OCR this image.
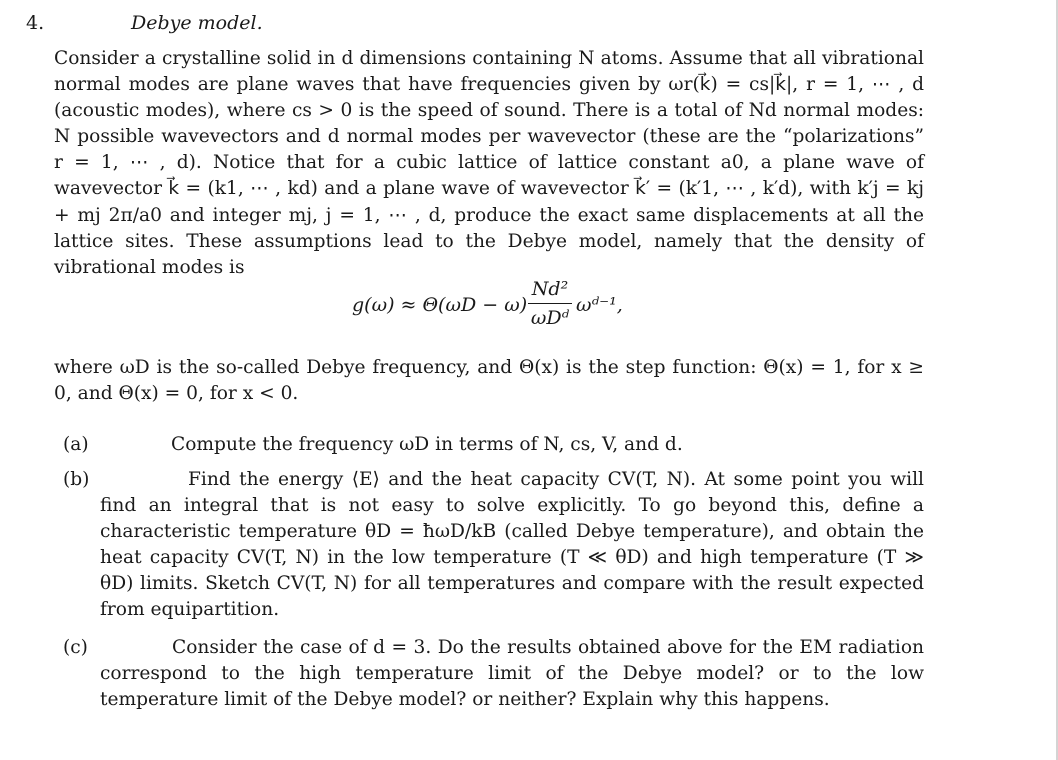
4.	Debye model.

Consider a crystalline solid in d dimensions containing N atoms. Assume that all vibrational normal modes are plane waves that have frequencies given by ωr(k⃗) = cs|k⃗|, r = 1, ⋯ , d (acoustic modes), where cs > 0 is the speed of sound. There is a total of Nd normal modes: N possible wavevectors and d normal modes per wavevector (these are the “polarizations” r = 1, ⋯ , d). Notice that for a cubic lattice of lattice constant a0, a plane wave of wavevector k⃗ = (k1, ⋯ , kd) and a plane wave of wavevector k⃗′ = (k′1, ⋯ , k′d), with k′j = kj + mj 2π/a0 and integer mj, j = 1, ⋯ , d, produce the exact same displacements at all the lattice sites. These assumptions lead to the Debye model, namely that the density of vibrational modes is

g(ω) ≈ Θ(ωD − ω)
Nd²
ωDᵈ
ωᵈ⁻¹,

where ωD is the so-called Debye frequency, and Θ(x) is the step function: Θ(x) = 1, for x ≥ 0, and Θ(x) = 0, for x < 0.

(a)	Compute the frequency ωD in terms of N, cs, V, and d.
(b)	Find the energy ⟨E⟩ and the heat capacity CV(T, N). At some point you will find an integral that is not easy to solve explicitly. To go beyond this, define a characteristic temperature θD = ħωD/kB (called Debye temperature), and obtain the heat capacity CV(T, N) in the low temperature (T ≪ θD) and high temperature (T ≫ θD) limits. Sketch CV(T, N) for all temperatures and compare with the result expected from equipartition.
(c)	Consider the case of d = 3. Do the results obtained above for the EM radiation correspond to the high temperature limit of the Debye model? or to the low temperature limit of the Debye model? or neither? Explain why this happens.
